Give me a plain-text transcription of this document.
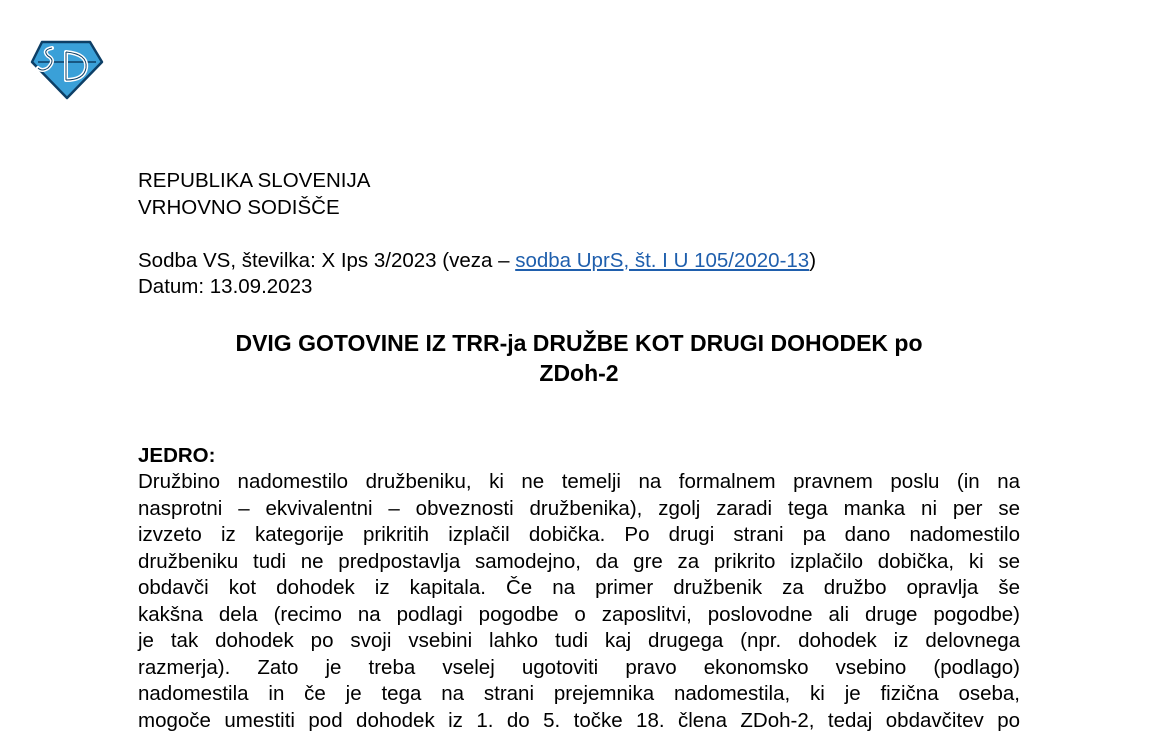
REPUBLIKA SLOVENIJA
VRHOVNO SODIŠČE
Sodba VS, številka: X Ips 3/2023 (veza – sodba UprS, št. I U 105/2020-13)
Datum: 13.09.2023
DVIG GOTOVINE IZ TRR-ja DRUŽBE KOT DRUGI DOHODEK po
ZDoh-2
JEDRO:
Družbino nadomestilo družbeniku, ki ne temelji na formalnem pravnem poslu (in na
nasprotni – ekvivalentni – obveznosti družbenika), zgolj zaradi tega manka ni per se
izvzeto iz kategorije prikritih izplačil dobička. Po drugi strani pa dano nadomestilo
družbeniku tudi ne predpostavlja samodejno, da gre za prikrito izplačilo dobička, ki se
obdavči kot dohodek iz kapitala. Če na primer družbenik za družbo opravlja še
kakšna dela (recimo na podlagi pogodbe o zaposlitvi, poslovodne ali druge pogodbe)
je tak dohodek po svoji vsebini lahko tudi kaj drugega (npr. dohodek iz delovnega
razmerja). Zato je treba vselej ugotoviti pravo ekonomsko vsebino (podlago)
nadomestila in če je tega na strani prejemnika nadomestila, ki je fizična oseba,
mogoče umestiti pod dohodek iz 1. do 5. točke 18. člena ZDoh-2, tedaj obdavčitev po
